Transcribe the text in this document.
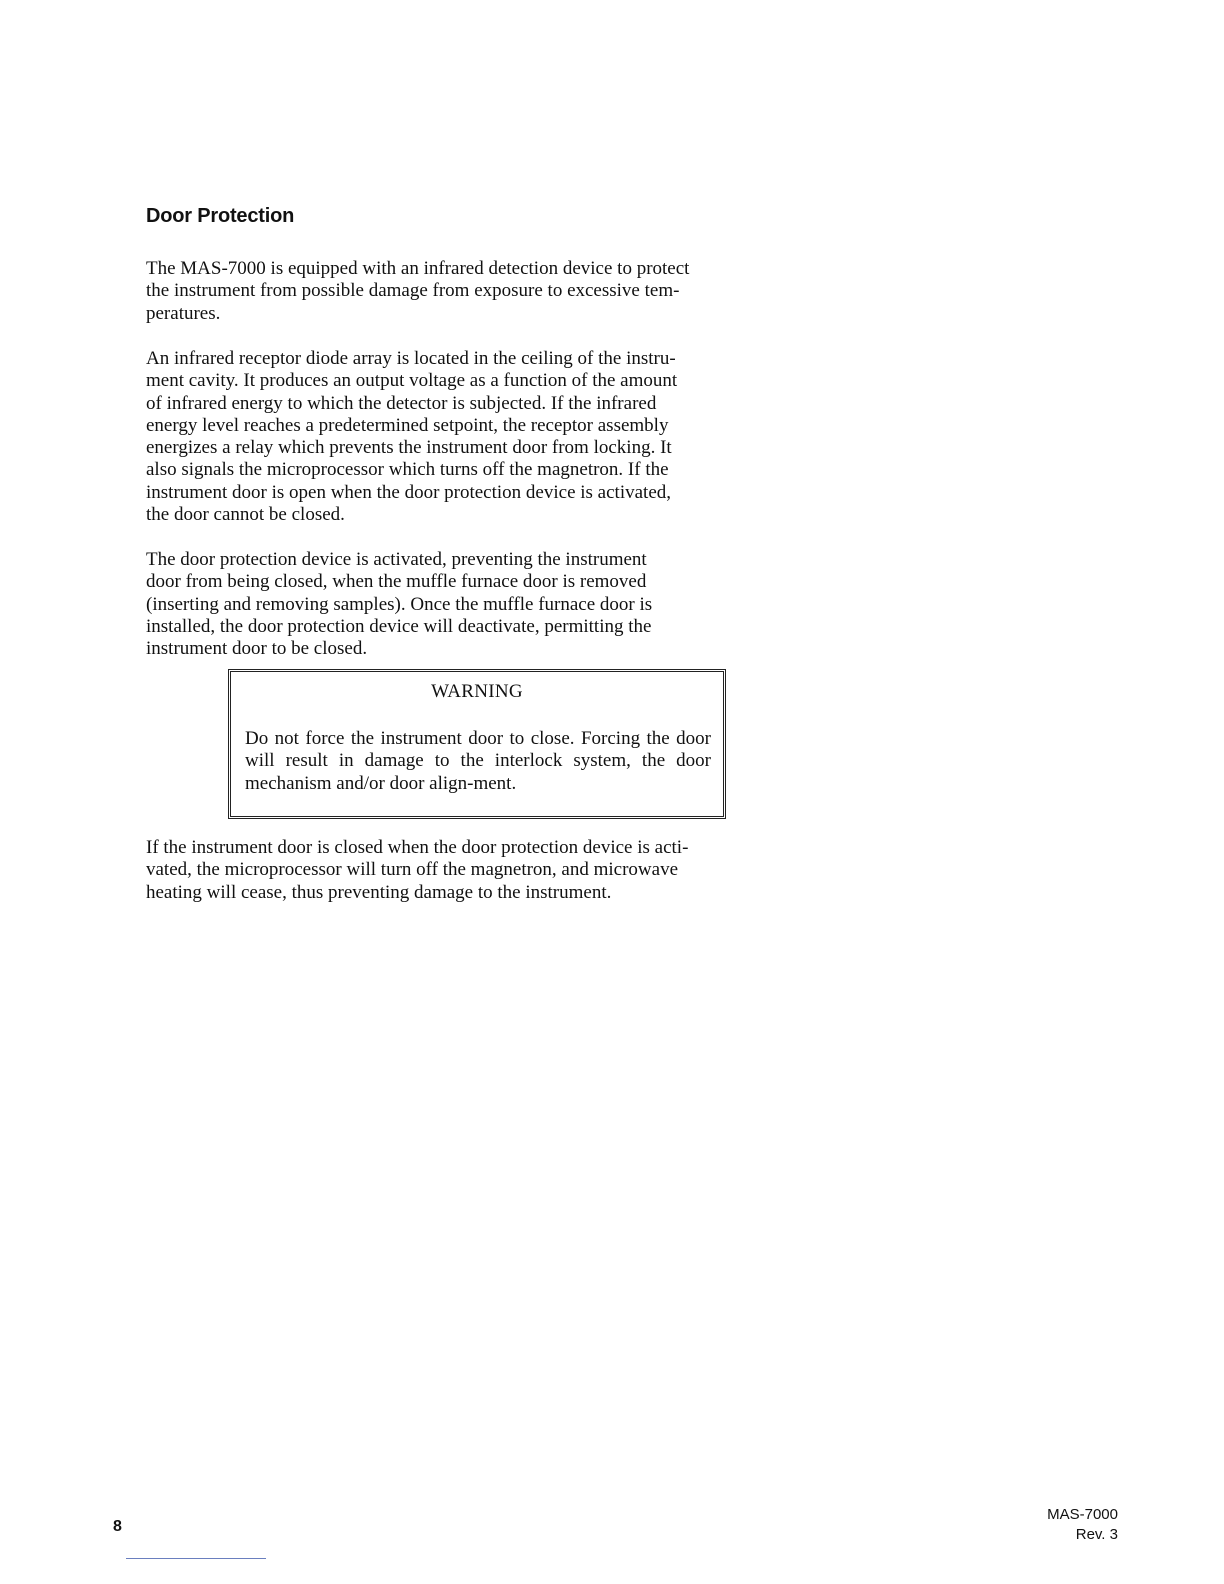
Door Protection

The MAS-7000 is equipped with an infrared detection device to protect
the instrument from possible damage from exposure to excessive tem-
peratures.

An infrared receptor diode array is located in the ceiling of the instru-
ment cavity. It produces an output voltage as a function of the amount
of infrared energy to which the detector is subjected. If the infrared
energy level reaches a predetermined setpoint, the receptor assembly
energizes a relay which prevents the instrument door from locking. It
also signals the microprocessor which turns off the magnetron. If the
instrument door is open when the door protection device is activated,
the door cannot be closed.

The door protection device is activated, preventing the instrument
door from being closed, when the muffle furnace door is removed
(inserting and removing samples). Once the muffle furnace door is
installed, the door protection device will deactivate, permitting the
instrument door to be closed.

WARNING

Do not force the instrument door to close. Forcing the door will result in damage to the interlock system, the door mechanism and/or door align-ment.

If the instrument door is closed when the door protection device is acti-
vated, the microprocessor will turn off the magnetron, and microwave
heating will cease, thus preventing damage to the instrument.

8
MAS-7000
Rev. 3
